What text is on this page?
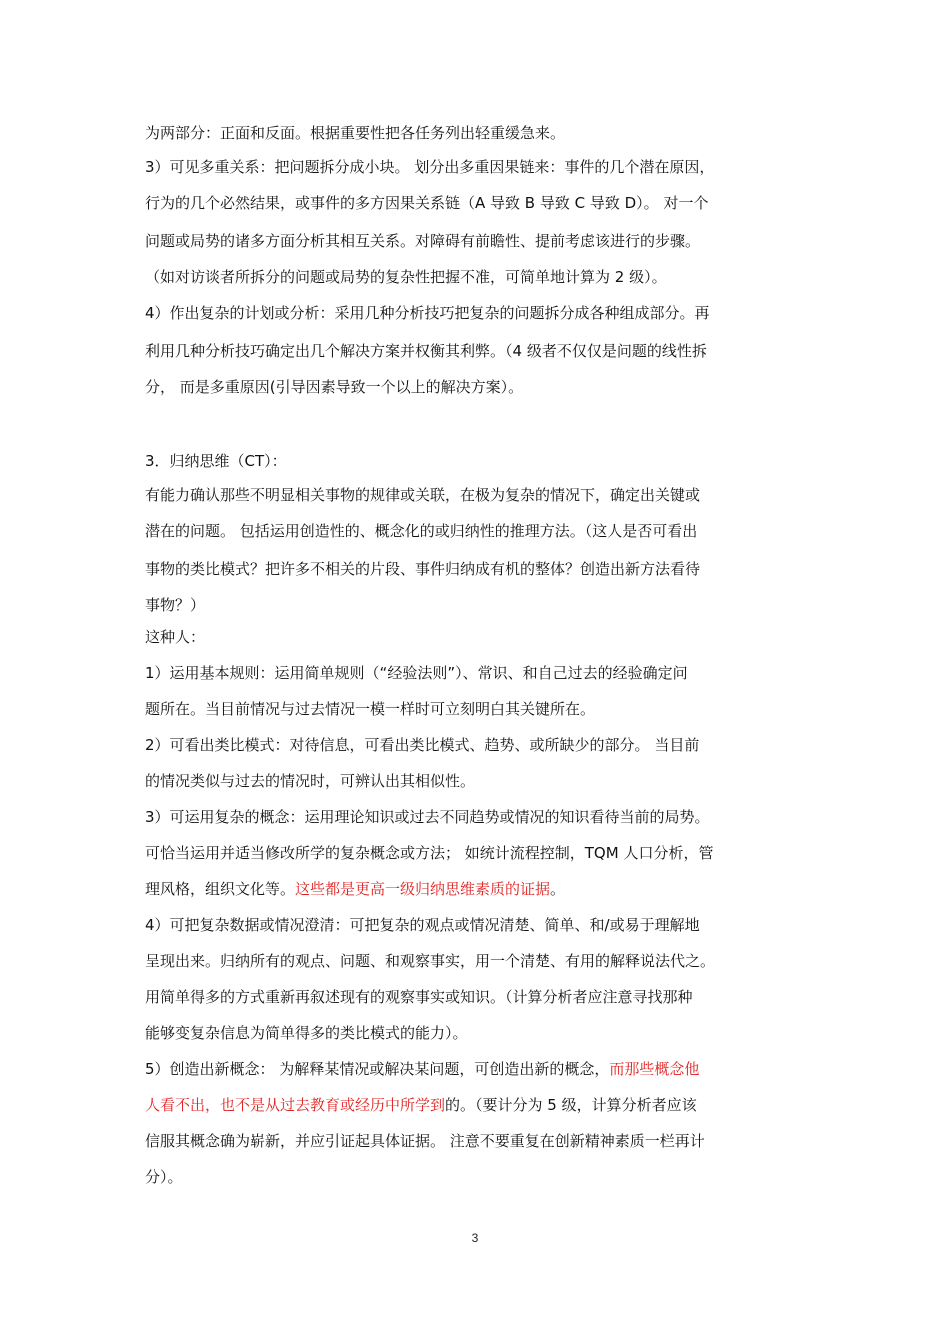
为两部分：正面和反面。根据重要性把各任务列出轻重缓急来。
3）可见多重关系：把问题拆分成小块。 划分出多重因果链来：事件的几个潜在原因，
行为的几个必然结果，或事件的多方因果关系链（A 导致 B 导致 C 导致 D）。 对一个
问题或局势的诸多方面分析其相互关系。对障碍有前瞻性、提前考虑该进行的步骤。
（如对访谈者所拆分的问题或局势的复杂性把握不准，可简单地计算为 2 级）。
4）作出复杂的计划或分析：采用几种分析技巧把复杂的问题拆分成各种组成部分。再
利用几种分析技巧确定出几个解决方案并权衡其利弊。（4 级者不仅仅是问题的线性拆
分， 而是多重原因(引导因素导致一个以上的解决方案）。
3．归纳思维（CT）：
有能力确认那些不明显相关事物的规律或关联，在极为复杂的情况下，确定出关键或
潜在的问题。 包括运用创造性的、概念化的或归纳性的推理方法。（这人是否可看出
事物的类比模式？把许多不相关的片段、事件归纳成有机的整体？创造出新方法看待
事物？）
这种人：
1）运用基本规则：运用简单规则（“经验法则”）、常识、和自己过去的经验确定问
题所在。当目前情况与过去情况一模一样时可立刻明白其关键所在。
2）可看出类比模式：对待信息，可看出类比模式、趋势、或所缺少的部分。 当目前
的情况类似与过去的情况时，可辨认出其相似性。
3）可运用复杂的概念：运用理论知识或过去不同趋势或情况的知识看待当前的局势。
可恰当运用并适当修改所学的复杂概念或方法； 如统计流程控制，TQM 人口分析，管
理风格，组织文化等。这些都是更高一级归纳思维素质的证据。
4）可把复杂数据或情况澄清：可把复杂的观点或情况清楚、简单、和/或易于理解地
呈现出来。归纳所有的观点、问题、和观察事实，用一个清楚、有用的解释说法代之。
用简单得多的方式重新再叙述现有的观察事实或知识。（计算分析者应注意寻找那种
能够变复杂信息为简单得多的类比模式的能力）。
5）创造出新概念： 为解释某情况或解决某问题，可创造出新的概念，而那些概念他
人看不出，也不是从过去教育或经历中所学到的。（要计分为 5 级，计算分析者应该
信服其概念确为崭新，并应引证起具体证据。 注意不要重复在创新精神素质一栏再计
分）。
3
